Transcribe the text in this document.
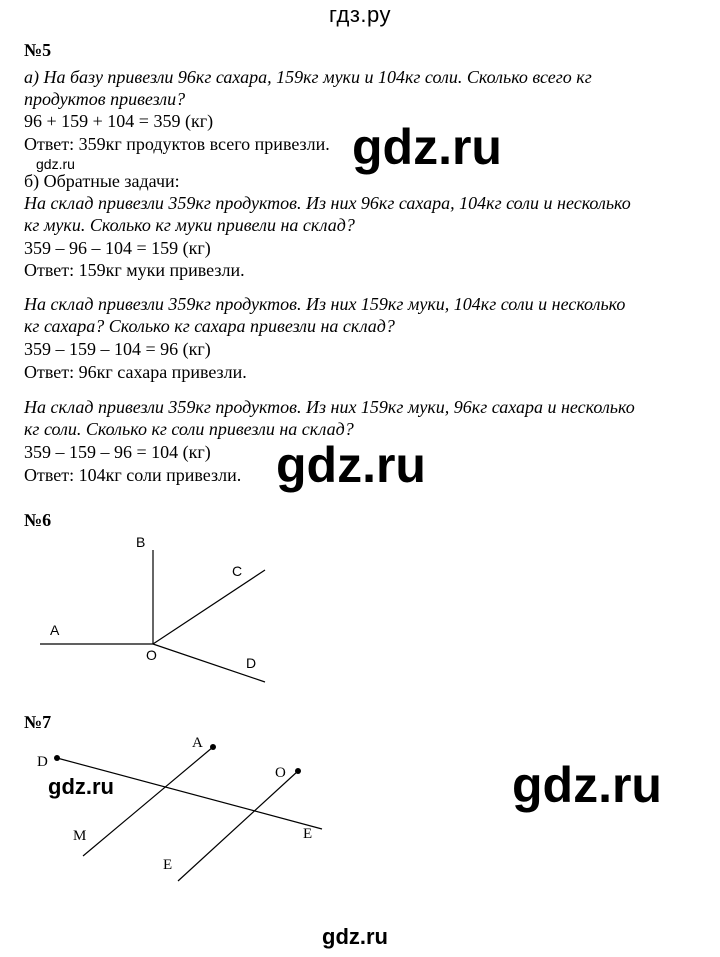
гдз.ру
№5
а) На базу привезли 96кг сахара, 159кг муки и 104кг соли. Сколько всего кг
продуктов привезли?
96 + 159 + 104 = 359 (кг)
Ответ: 359кг продуктов всего привезли.
gdz.ru
б) Обратные задачи:
На склад привезли 359кг продуктов. Из них 96кг сахара, 104кг соли и несколько
кг муки. Сколько кг муки привели на склад?
359 – 96 – 104 = 159 (кг)
Ответ: 159кг муки привезли.
На склад привезли 359кг продуктов. Из них 159кг муки, 104кг соли и несколько
кг сахара? Сколько кг сахара привезли на склад?
359 – 159 – 104 = 96 (кг)
Ответ: 96кг сахара привезли.
На склад привезли 359кг продуктов. Из них 159кг муки, 96кг сахара и несколько
кг соли. Сколько кг соли привезли на склад?
359 – 159 – 96 = 104 (кг)
Ответ: 104кг соли привезли.
gdz.ru
gdz.ru
gdz.ru
gdz.ru
gdz.ru
№6
A
B
C
D
O
№7
D
A
O
M	E
E
